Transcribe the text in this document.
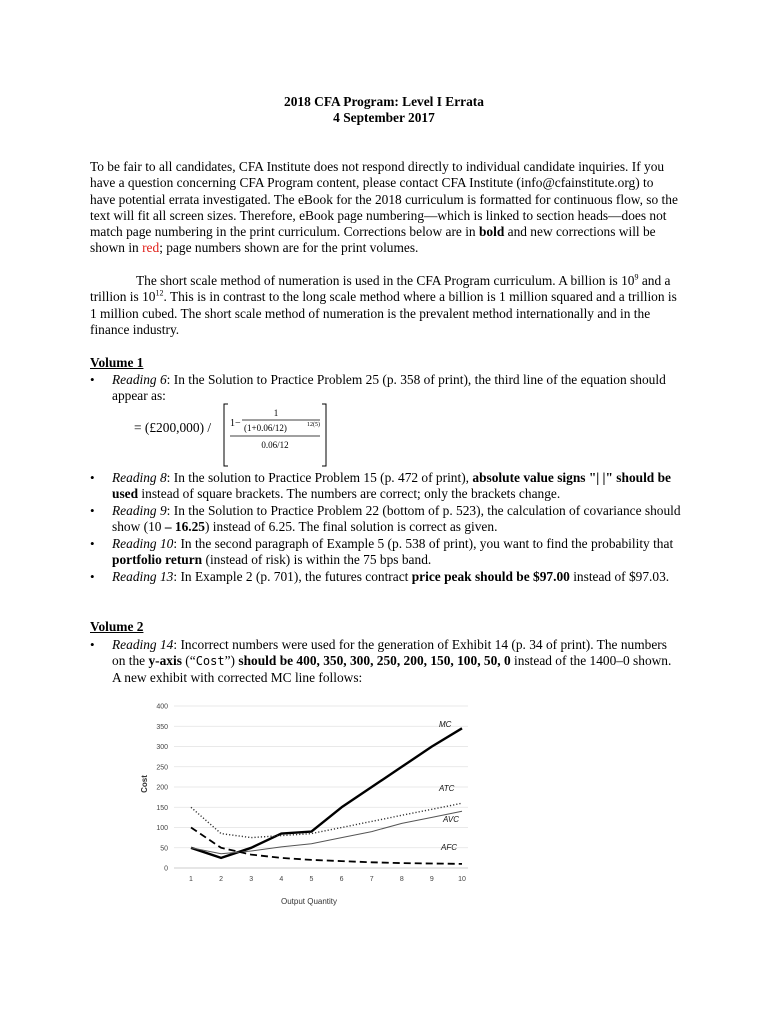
2018 CFA Program: Level I Errata
4 September 2017
To be fair to all candidates, CFA Institute does not respond directly to individual candidate inquiries. If you have a question concerning CFA Program content, please contact CFA Institute (info@cfainstitute.org) to have potential errata investigated. The eBook for the 2018 curriculum is formatted for continuous flow, so the text will fit all screen sizes. Therefore, eBook page numbering—which is linked to section heads—does not match page numbering in the print curriculum. Corrections below are in bold and new corrections will be shown in red; page numbers shown are for the print volumes.
The short scale method of numeration is used in the CFA Program curriculum. A billion is $10^9$ and a trillion is $10^{12}$. This is in contrast to the long scale method where a billion is 1 million squared and a trillion is 1 million cubed. The short scale method of numeration is the prevalent method internationally and in the finance industry.
Volume 1
• Reading 6: In the Solution to Practice Problem 25 (p. 358 of print), the third line of the equation should appear as:
= (£200,000) / 1−
1
(1+0.06/12)	12(5)
0.06/12
• Reading 8: In the solution to Practice Problem 15 (p. 472 of print), absolute value signs "| |" should be used instead of square brackets. The numbers are correct; only the brackets change.
• Reading 9: In the Solution to Practice Problem 22 (bottom of p. 523), the calculation of covariance should show (10 – 16.25) instead of 6.25. The final solution is correct as given.
• Reading 10: In the second paragraph of Example 5 (p. 538 of print), you want to find the probability that portfolio return (instead of risk) is within the 75 bps band.
• Reading 13: In Example 2 (p. 701), the futures contract price peak should be $97.00 instead of $97.03.
Volume 2
• Reading 14: Incorrect numbers were used for the generation of Exhibit 14 (p. 34 of print). The numbers on the y-axis (“Cost”) should be 400, 350, 300, 250, 200, 150, 100, 50, 0 instead of the 1400–0 shown. A new exhibit with corrected MC line follows:
0
50
100
150
200
250
300
350
400
1	2	3	4	5	6	7	8	9	10
MC
ATC
AVC
AFC
Output Quantity
Cost
